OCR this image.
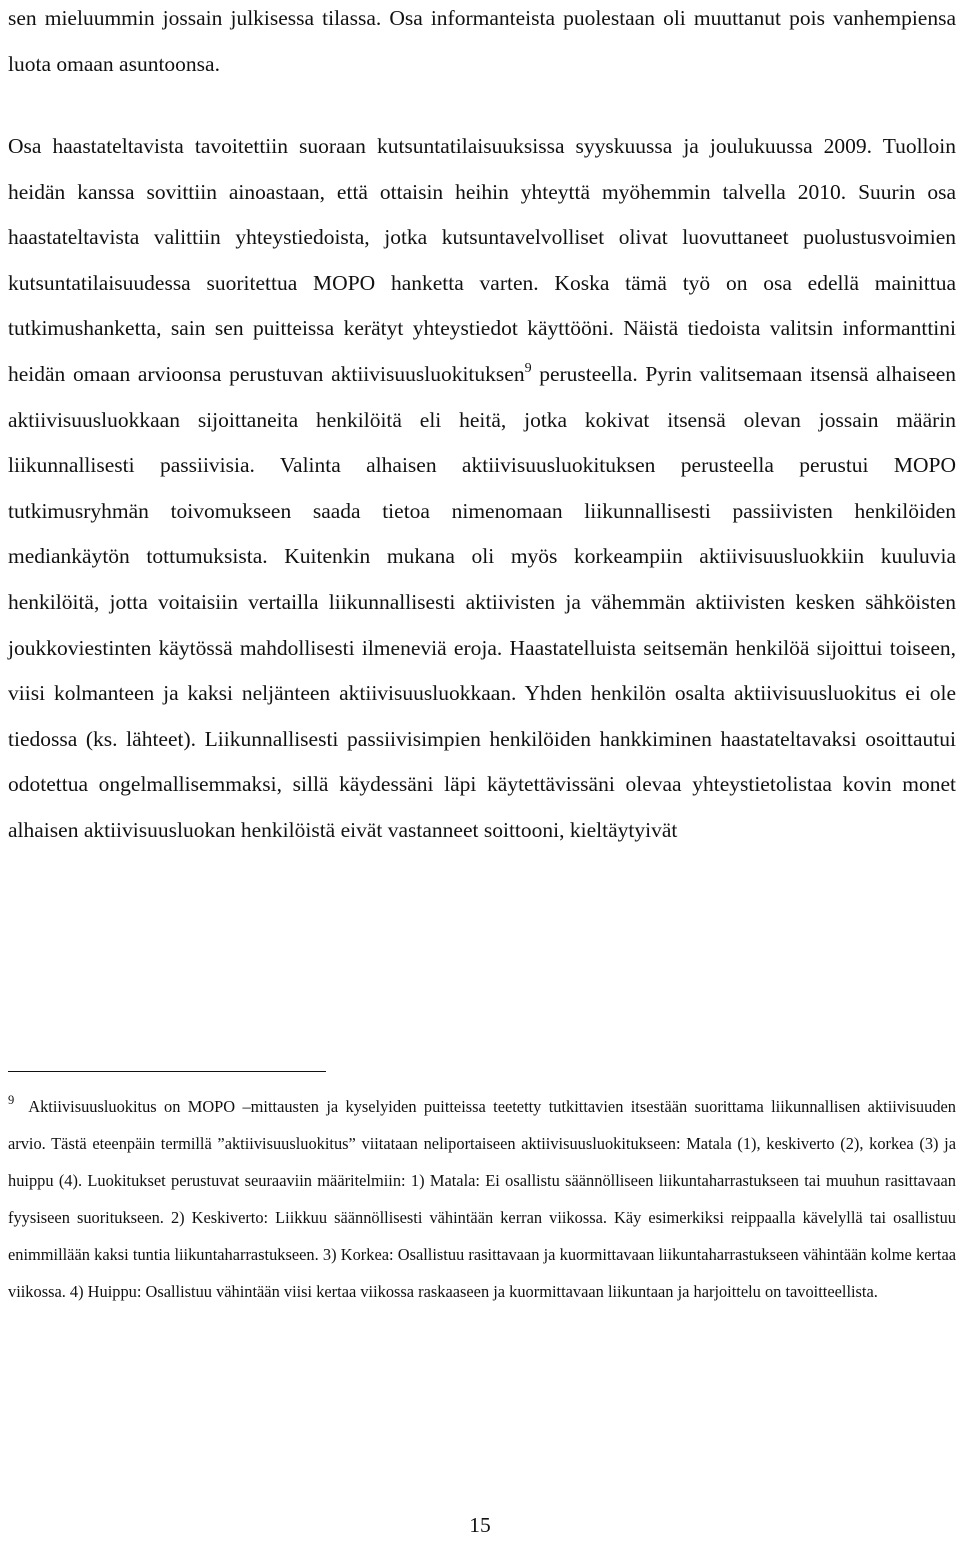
sen mieluummin jossain julkisessa tilassa. Osa informanteista puolestaan oli muuttanut pois vanhempiensa luota omaan asuntoonsa.

Osa haastateltavista tavoitettiin suoraan kutsuntatilaisuuksissa syyskuussa ja joulukuussa 2009. Tuolloin heidän kanssa sovittiin ainoastaan, että ottaisin heihin yhteyttä myöhemmin talvella 2010. Suurin osa haastateltavista valittiin yhteystiedoista, jotka kutsuntavelvolliset olivat luovuttaneet puolustusvoimien kutsuntatilaisuudessa suoritettua MOPO hanketta varten. Koska tämä työ on osa edellä mainittua tutkimushanketta, sain sen puitteissa kerätyt yhteystiedot käyttööni. Näistä tiedoista valitsin informanttini heidän omaan arvioonsa perustuvan aktiivisuusluokituksen$^9$ perusteella. Pyrin valitsemaan itsensä alhaiseen aktiivisuusluokkaan sijoittaneita henkilöitä eli heitä, jotka kokivat itsensä olevan jossain määrin liikunnallisesti passiivisia. Valinta alhaisen aktiivisuusluokituksen perusteella perustui MOPO tutkimusryhmän toivomukseen saada tietoa nimenomaan liikunnallisesti passiivisten henkilöiden mediankäytön tottumuksista. Kuitenkin mukana oli myös korkeampiin aktiivisuusluokkiin kuuluvia henkilöitä, jotta voitaisiin vertailla liikunnallisesti aktiivisten ja vähemmän aktiivisten kesken sähköisten joukkoviestinten käytössä mahdollisesti ilmeneviä eroja. Haastatelluista seitsemän henkilöä sijoittui toiseen, viisi kolmanteen ja kaksi neljänteen aktiivisuusluokkaan. Yhden henkilön osalta aktiivisuusluokitus ei ole tiedossa (ks. lähteet). Liikunnallisesti passiivisimpien henkilöiden hankkiminen haastateltavaksi osoittautui odotettua ongelmallisemmaksi, sillä käydessäni läpi käytettävissäni olevaa yhteystietolistaa kovin monet alhaisen aktiivisuusluokan henkilöistä eivät vastanneet soittooni, kieltäytyivät

$^9$ Aktiivisuusluokitus on MOPO –mittausten ja kyselyiden puitteissa teetetty tutkittavien itsestään suorittama liikunnallisen aktiivisuuden arvio. Tästä eteenpäin termillä ”aktiivisuusluokitus” viitataan neliportaiseen aktiivisuusluokitukseen: Matala (1), keskiverto (2), korkea (3) ja huippu (4). Luokitukset perustuvat seuraaviin määritelmiin: 1) Matala: Ei osallistu säännölliseen liikuntaharrastukseen tai muuhun rasittavaan fyysiseen suoritukseen. 2) Keskiverto: Liikkuu säännöllisesti vähintään kerran viikossa. Käy esimerkiksi reippaalla kävelyllä tai osallistuu enimmillään kaksi tuntia liikuntaharrastukseen. 3) Korkea: Osallistuu rasittavaan ja kuormittavaan liikuntaharrastukseen vähintään kolme kertaa viikossa. 4) Huippu: Osallistuu vähintään viisi kertaa viikossa raskaaseen ja kuormittavaan liikuntaan ja harjoittelu on tavoitteellista.

15
